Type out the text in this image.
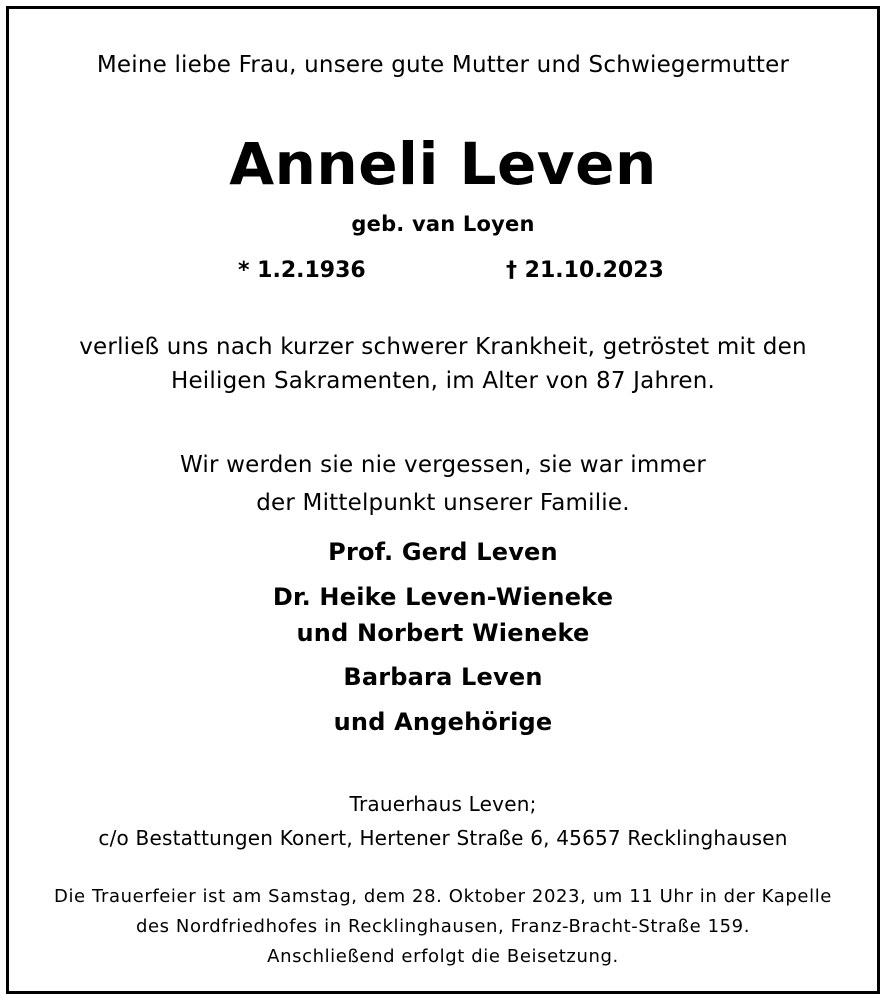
Meine liebe Frau, unsere gute Mutter und Schwiegermutter
Anneli Leven
geb. van Loyen
* 1.2.1936	† 21.10.2023
verließ uns nach kurzer schwerer Krankheit, getröstet mit den
Heiligen Sakramenten, im Alter von 87 Jahren.
Wir werden sie nie vergessen, sie war immer
der Mittelpunkt unserer Familie.
Prof. Gerd Leven
Dr. Heike Leven-Wieneke
und Norbert Wieneke
Barbara Leven
und Angehörige
Trauerhaus Leven;
c/o Bestattungen Konert, Hertener Straße 6, 45657 Recklinghausen
Die Trauerfeier ist am Samstag, dem 28. Oktober 2023, um 11 Uhr in der Kapelle
des Nordfriedhofes in Recklinghausen, Franz-Bracht-Straße 159.
Anschließend erfolgt die Beisetzung.
